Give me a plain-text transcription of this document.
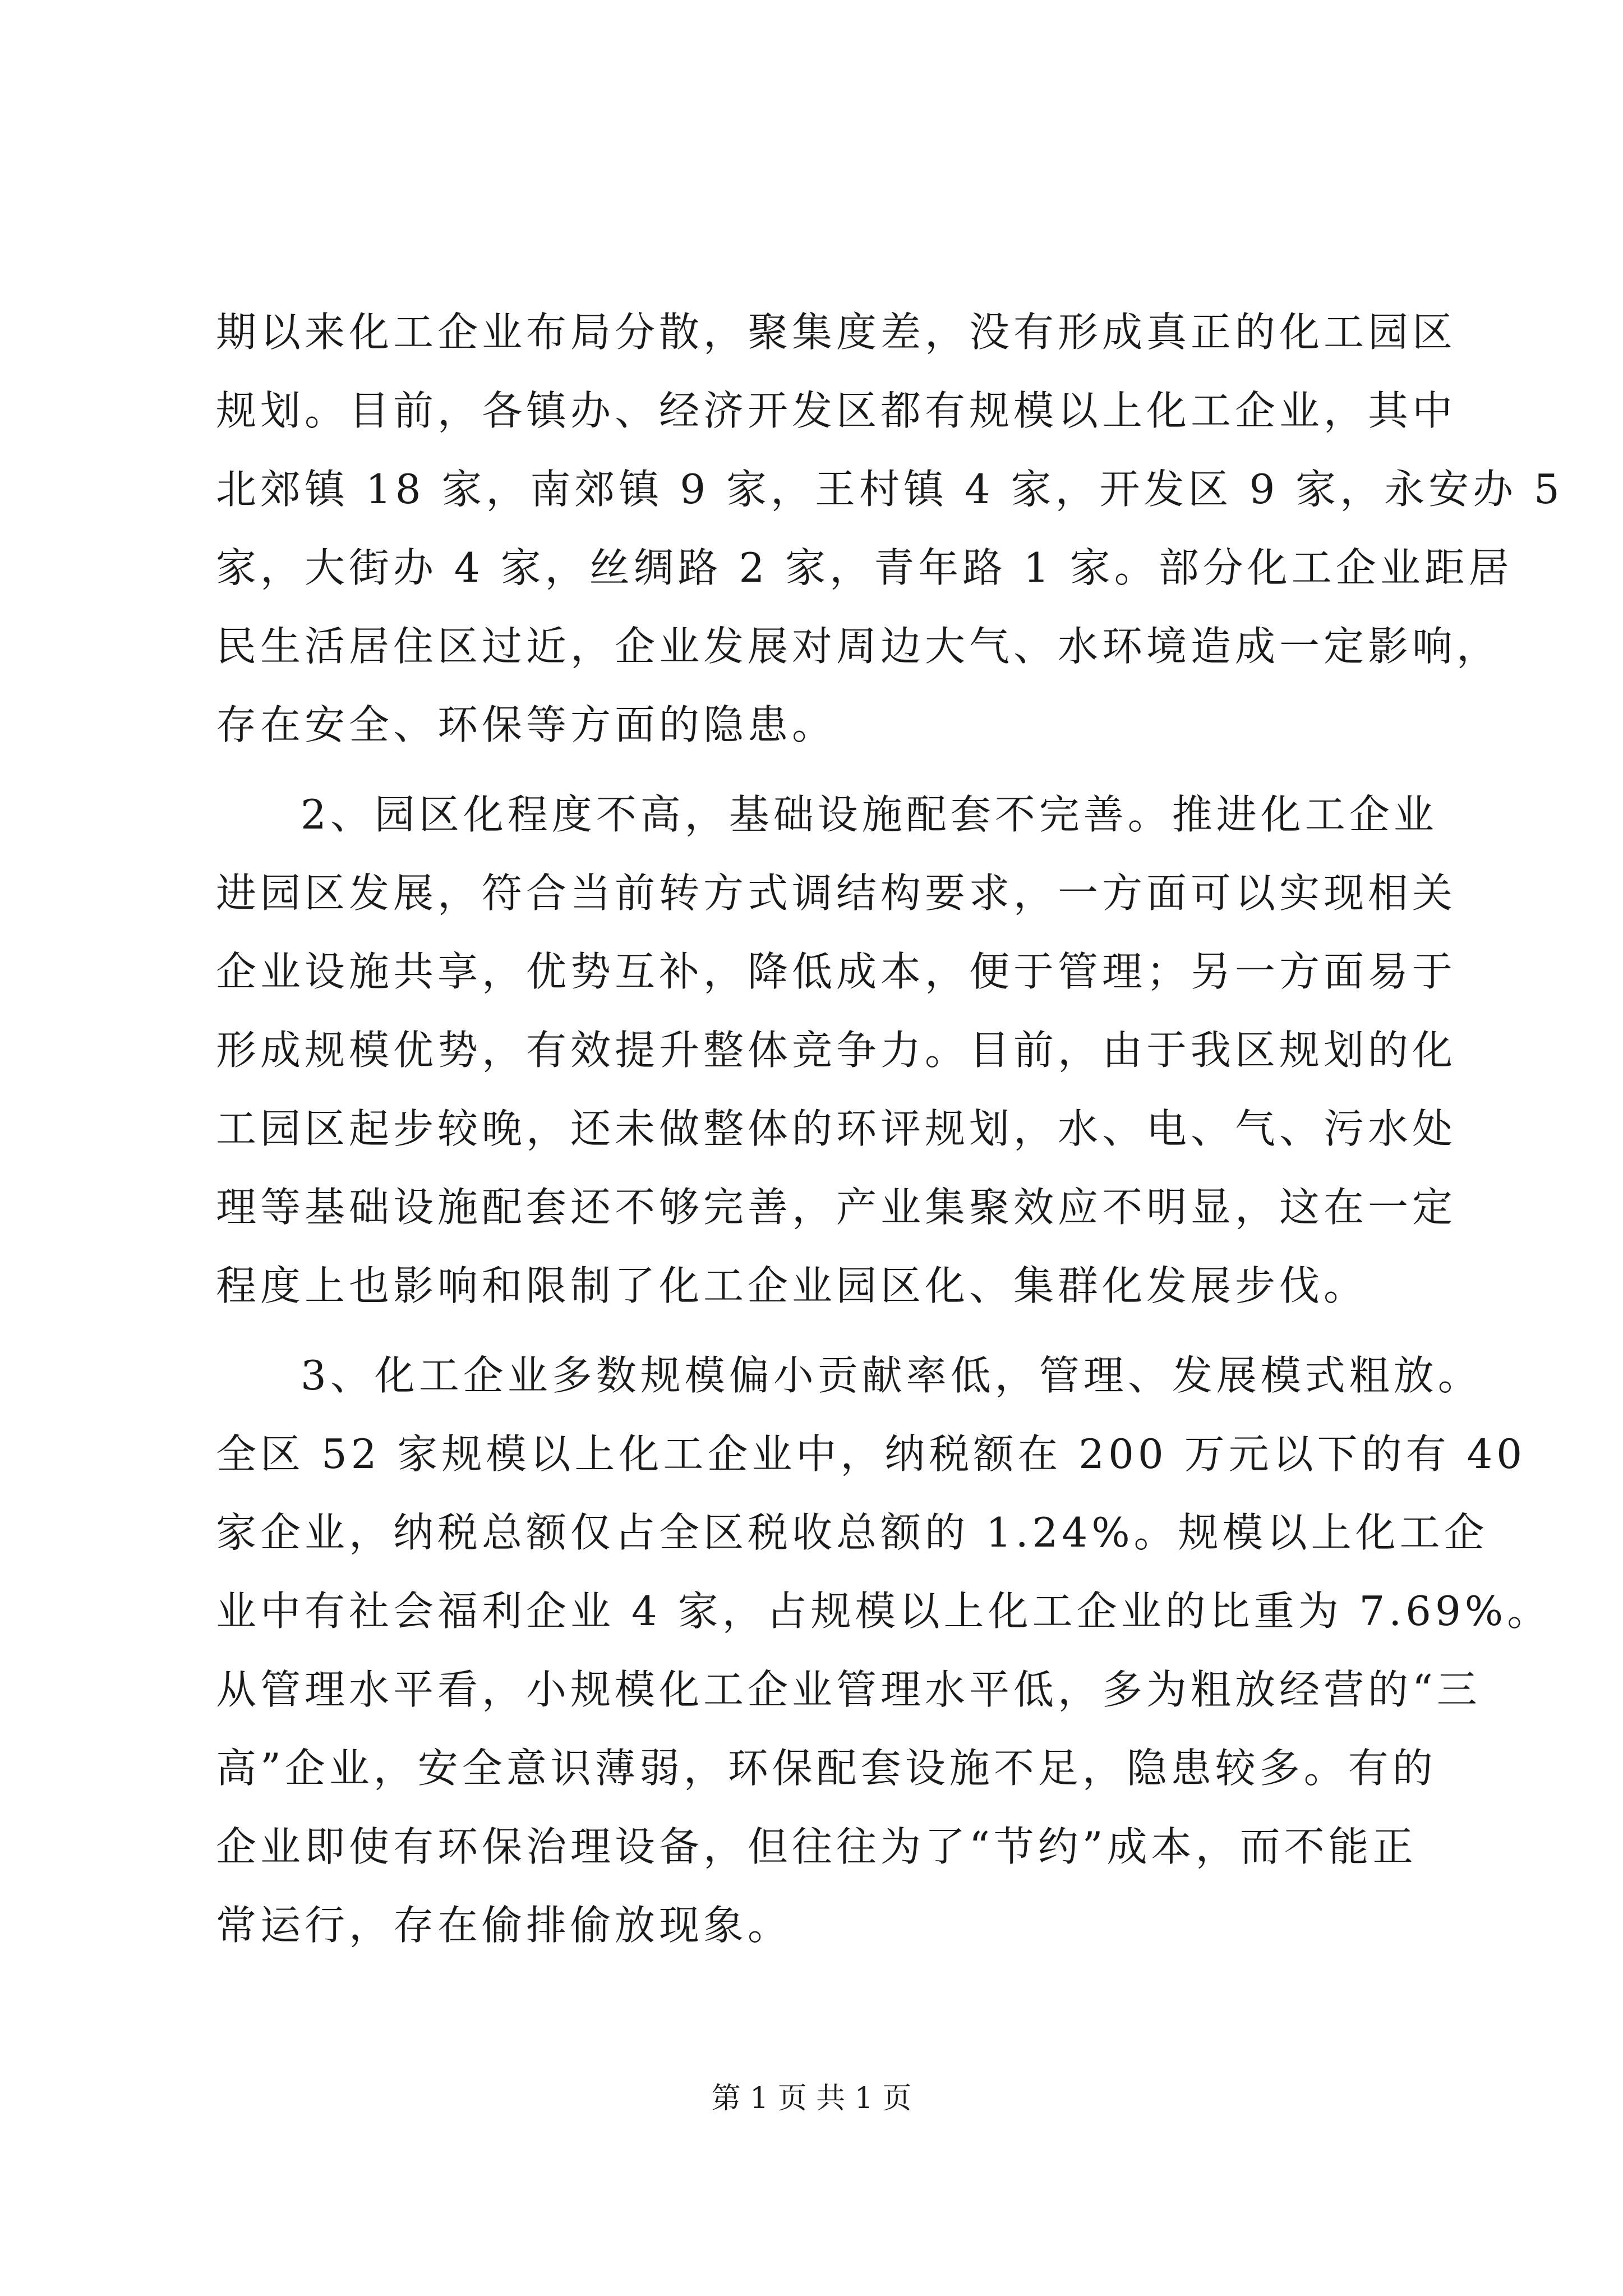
期以来化工企业布局分散，聚集度差，没有形成真正的化工园区
规划。目前，各镇办、经济开发区都有规模以上化工企业，其中
北郊镇 18 家，南郊镇 9 家，王村镇 4 家，开发区 9 家，永安办 5
家，大街办 4 家，丝绸路 2 家，青年路 1 家。部分化工企业距居
民生活居住区过近，企业发展对周边大气、水环境造成一定影响，
存在安全、环保等方面的隐患。
2、园区化程度不高，基础设施配套不完善。推进化工企业
进园区发展，符合当前转方式调结构要求，一方面可以实现相关
企业设施共享，优势互补，降低成本，便于管理；另一方面易于
形成规模优势，有效提升整体竞争力。目前，由于我区规划的化
工园区起步较晚，还未做整体的环评规划，水、电、气、污水处
理等基础设施配套还不够完善，产业集聚效应不明显，这在一定
程度上也影响和限制了化工企业园区化、集群化发展步伐。
3、化工企业多数规模偏小贡献率低，管理、发展模式粗放。
全区 52 家规模以上化工企业中，纳税额在 200 万元以下的有 40
家企业，纳税总额仅占全区税收总额的 1.24%。规模以上化工企
业中有社会福利企业 4 家，占规模以上化工企业的比重为 7.69%。
从管理水平看，小规模化工企业管理水平低，多为粗放经营的“三
高”企业，安全意识薄弱，环保配套设施不足，隐患较多。有的
企业即使有环保治理设备，但往往为了“节约”成本，而不能正
常运行，存在偷排偷放现象。
第 1 页 共 1 页
